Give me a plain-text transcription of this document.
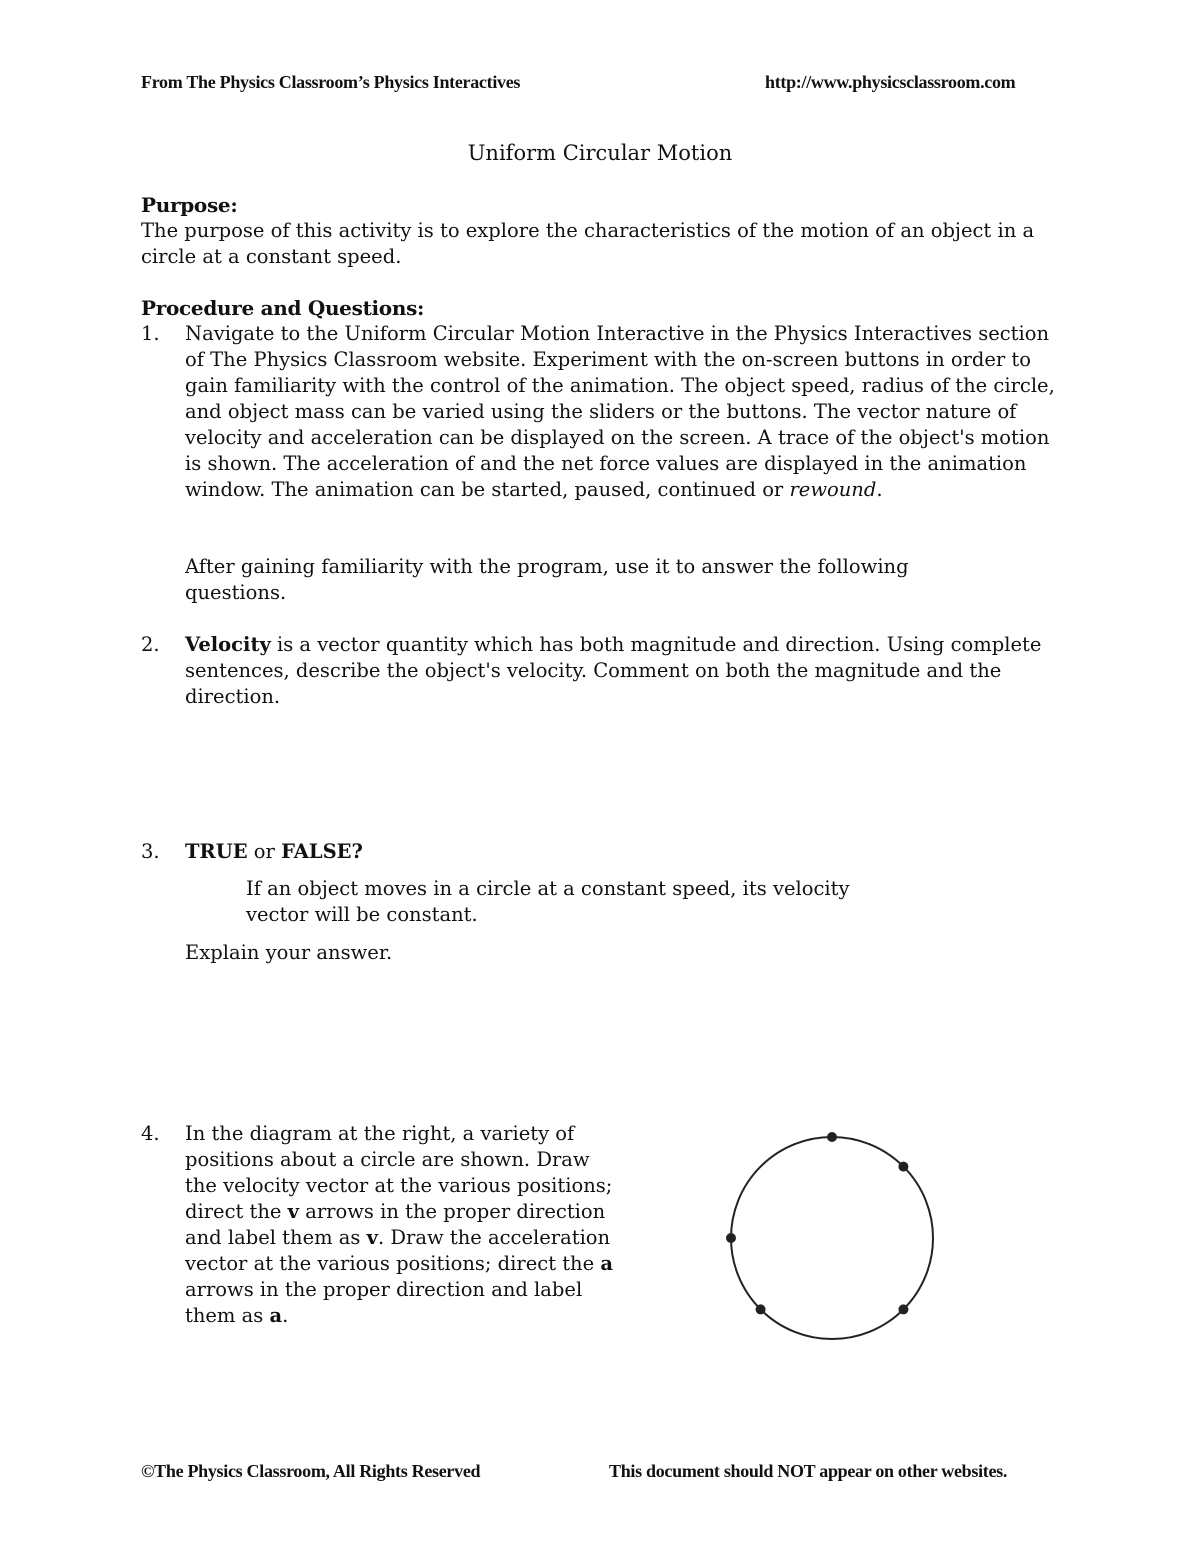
From The Physics Classroom’s Physics Interactives	http://www.physicsclassroom.com
Uniform Circular Motion
Purpose:
The purpose of this activity is to explore the characteristics of the motion of an object in a circle at a constant speed.
Procedure and Questions:
1.	Navigate to the Uniform Circular Motion Interactive in the Physics Interactives section of The Physics Classroom website. Experiment with the on-screen buttons in order to gain familiarity with the control of the animation. The object speed, radius of the circle, and object mass can be varied using the sliders or the buttons. The vector nature of velocity and acceleration can be displayed on the screen. A trace of the object's motion is shown. The acceleration of and the net force values are displayed in the animation window. The animation can be started, paused, continued or rewound.
After gaining familiarity with the program, use it to answer the following questions.
2.	Velocity is a vector quantity which has both magnitude and direction. Using complete sentences, describe the object's velocity. Comment on both the magnitude and the direction.
3.	TRUE or FALSE?
If an object moves in a circle at a constant speed, its velocity vector will be constant.
Explain your answer.
4.	In the diagram at the right, a variety of positions about a circle are shown. Draw the velocity vector at the various positions; direct the v arrows in the proper direction and label them as v. Draw the acceleration vector at the various positions; direct the a arrows in the proper direction and label them as a.
©The Physics Classroom, All Rights Reserved	This document should NOT appear on other websites.
